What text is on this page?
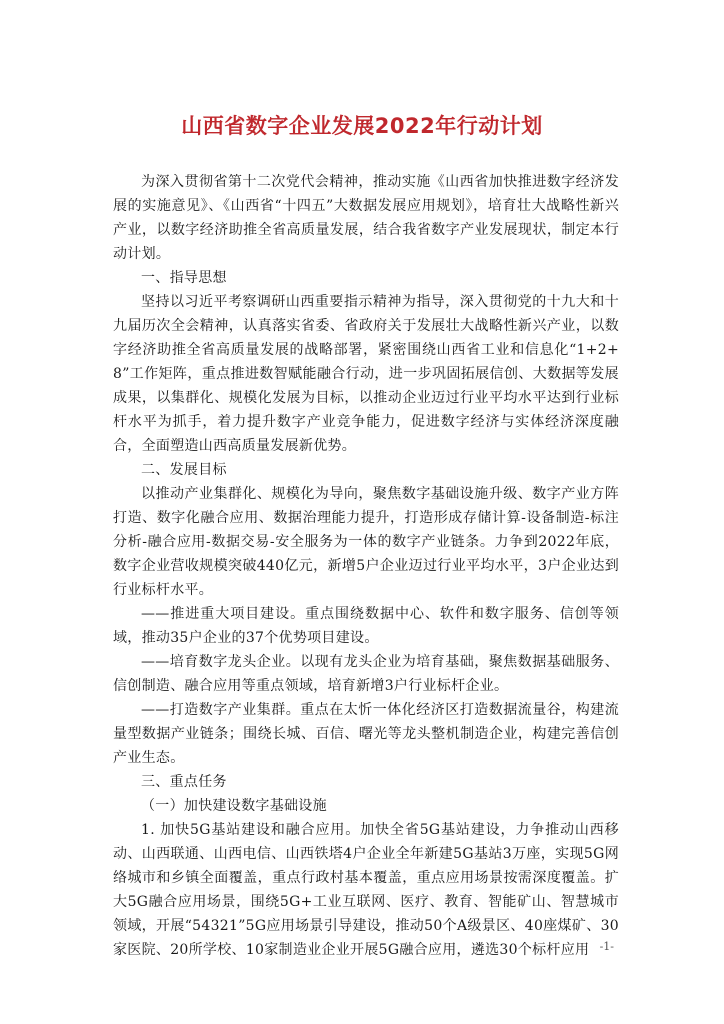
山西省数字企业发展2022年行动计划

为深入贯彻省第十二次党代会精神，推动实施《山西省加快推进数字经济发展的实施意见》、《山西省“十四五”大数据发展应用规划》，培育壮大战略性新兴产业，以数字经济助推全省高质量发展，结合我省数字产业发展现状，制定本行动计划。

一、指导思想

坚持以习近平考察调研山西重要指示精神为指导，深入贯彻党的十九大和十九届历次全会精神，认真落实省委、省政府关于发展壮大战略性新兴产业，以数字经济助推全省高质量发展的战略部署，紧密围绕山西省工业和信息化“1+2+8”工作矩阵，重点推进数智赋能融合行动，进一步巩固拓展信创、大数据等发展成果，以集群化、规模化发展为目标，以推动企业迈过行业平均水平达到行业标杆水平为抓手，着力提升数字产业竞争能力，促进数字经济与实体经济深度融合，全面塑造山西高质量发展新优势。

二、发展目标

以推动产业集群化、规模化为导向，聚焦数字基础设施升级、数字产业方阵打造、数字化融合应用、数据治理能力提升，打造形成存储计算-设备制造-标注分析-融合应用-数据交易-安全服务为一体的数字产业链条。力争到2022年底，数字企业营收规模突破440亿元，新增5户企业迈过行业平均水平，3户企业达到行业标杆水平。

——推进重大项目建设。重点围绕数据中心、软件和数字服务、信创等领域，推动35户企业的37个优势项目建设。

——培育数字龙头企业。以现有龙头企业为培育基础，聚焦数据基础服务、信创制造、融合应用等重点领域，培育新增3户行业标杆企业。

——打造数字产业集群。重点在太忻一体化经济区打造数据流量谷，构建流量型数据产业链条；围绕长城、百信、曙光等龙头整机制造企业，构建完善信创产业生态。

三、重点任务

（一）加快建设数字基础设施

1. 加快5G基站建设和融合应用。加快全省5G基站建设，力争推动山西移动、山西联通、山西电信、山西铁塔4户企业全年新建5G基站3万座，实现5G网络城市和乡镇全面覆盖，重点行政村基本覆盖，重点应用场景按需深度覆盖。扩大5G融合应用场景，围绕5G+工业互联网、医疗、教育、智能矿山、智慧城市领域，开展“54321”5G应用场景引导建设，推动50个A级景区、40座煤矿、30家医院、20所学校、10家制造业企业开展5G融合应用，遴选30个标杆应用 -1-
